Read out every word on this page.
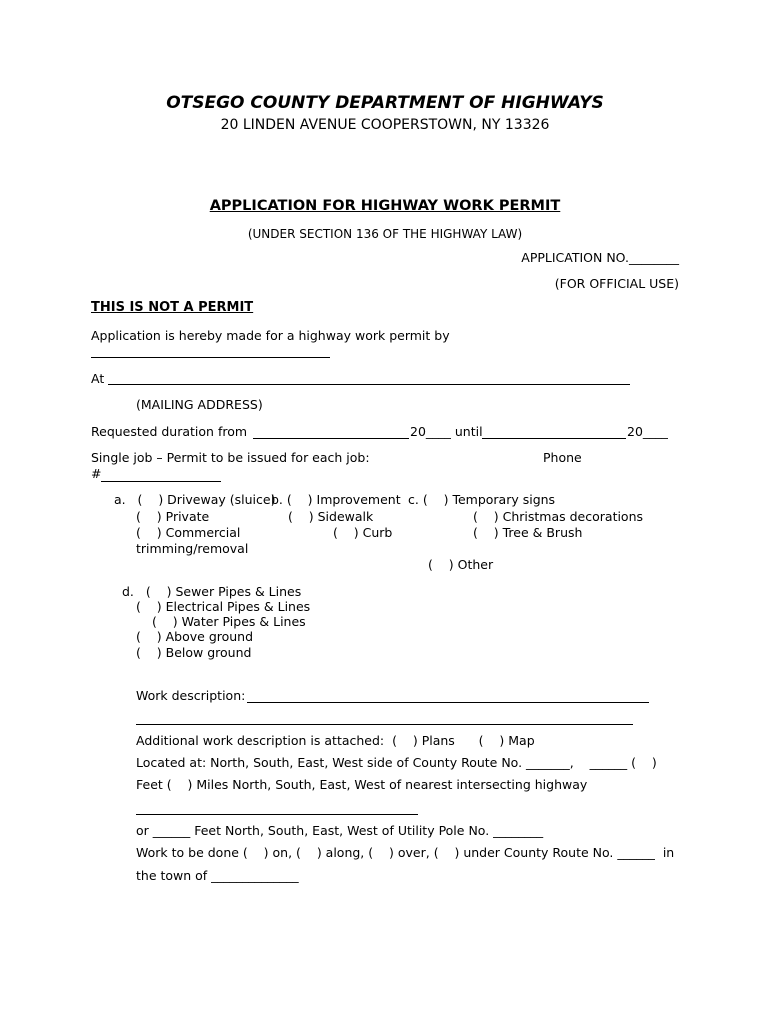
OTSEGO COUNTY DEPARTMENT OF HIGHWAYS
20 LINDEN AVENUE COOPERSTOWN, NY 13326
APPLICATION FOR HIGHWAY WORK PERMIT
(UNDER SECTION 136 OF THE HIGHWAY LAW)
APPLICATION NO.________
(FOR OFFICIAL USE)
THIS IS NOT A PERMIT
Application is hereby made for a highway work permit by
At
(MAILING ADDRESS)
Requested duration from	20____ until	20____
Single job – Permit to be issued for each job:	Phone
#
a.   (    ) Driveway (sluice)
(    ) Private
(    ) Commercial
trimming/removal
b. (    ) Improvement
(    ) Sidewalk
(    ) Curb
c. (    ) Temporary signs
(    ) Christmas decorations
(    ) Tree & Brush
(    ) Other
d.   (    ) Sewer Pipes & Lines
(    ) Electrical Pipes & Lines
(    ) Water Pipes & Lines
(    ) Above ground
(    ) Below ground
Work description:
Additional work description is attached:  (    ) Plans      (    ) Map
Located at: North, South, East, West side of County Route No. _______,    ______ (    )
Feet (    ) Miles North, South, East, West of nearest intersecting highway
or ______ Feet North, South, East, West of Utility Pole No. ________
Work to be done (    ) on, (    ) along, (    ) over, (    ) under County Route No. ______  in
the town of ______________
